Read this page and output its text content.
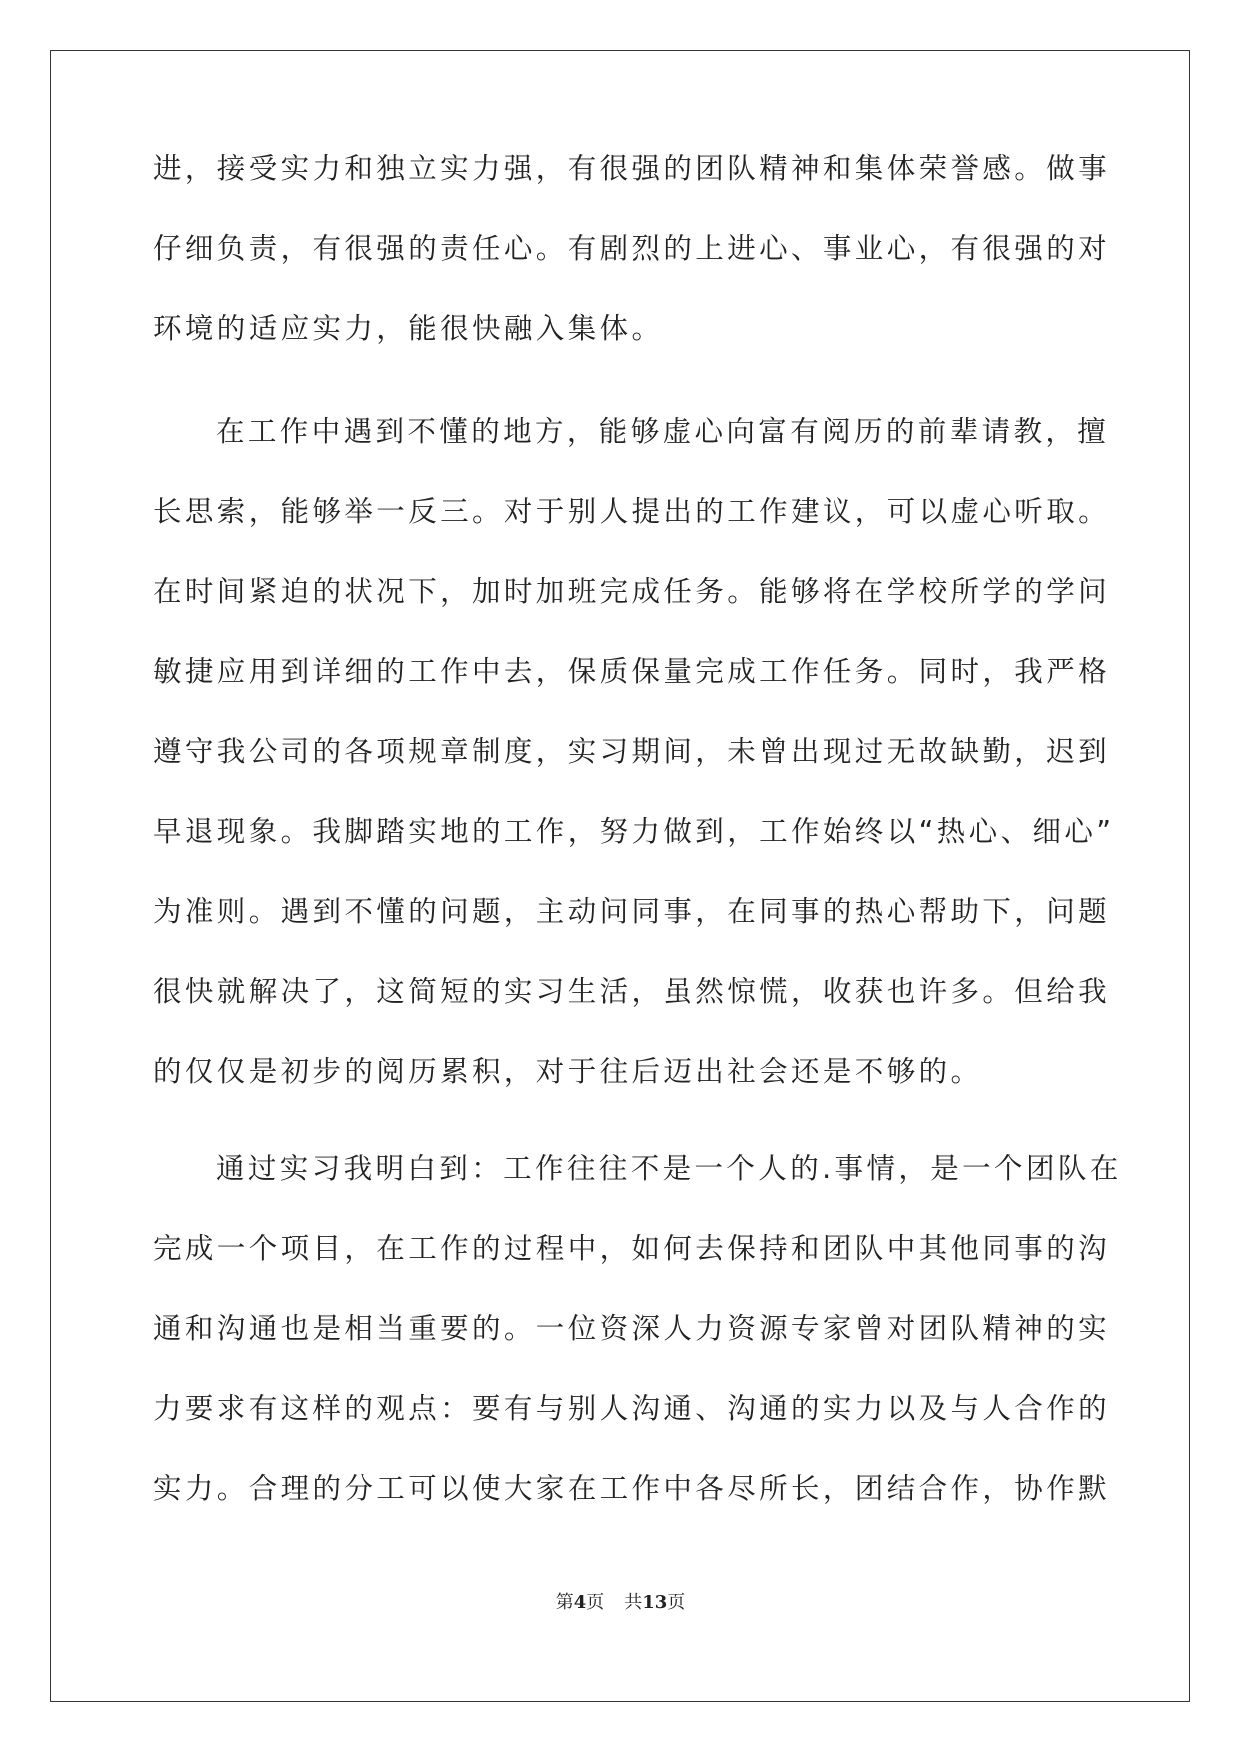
进，接受实力和独立实力强，有很强的团队精神和集体荣誉感。做事
仔细负责，有很强的责任心。有剧烈的上进心、事业心，有很强的对
环境的适应实力，能很快融入集体。
在工作中遇到不懂的地方，能够虚心向富有阅历的前辈请教，擅
长思索，能够举一反三。对于别人提出的工作建议，可以虚心听取。
在时间紧迫的状况下，加时加班完成任务。能够将在学校所学的学问
敏捷应用到详细的工作中去，保质保量完成工作任务。同时，我严格
遵守我公司的各项规章制度，实习期间，未曾出现过无故缺勤，迟到
早退现象。我脚踏实地的工作，努力做到，工作始终以“热心、细心”
为准则。遇到不懂的问题，主动问同事，在同事的热心帮助下，问题
很快就解决了，这简短的实习生活，虽然惊慌，收获也许多。但给我
的仅仅是初步的阅历累积，对于往后迈出社会还是不够的。
通过实习我明白到：工作往往不是一个人的.事情，是一个团队在
完成一个项目，在工作的过程中，如何去保持和团队中其他同事的沟
通和沟通也是相当重要的。一位资深人力资源专家曾对团队精神的实
力要求有这样的观点：要有与别人沟通、沟通的实力以及与人合作的
实力。合理的分工可以使大家在工作中各尽所长，团结合作，协作默
第4页 共13页
